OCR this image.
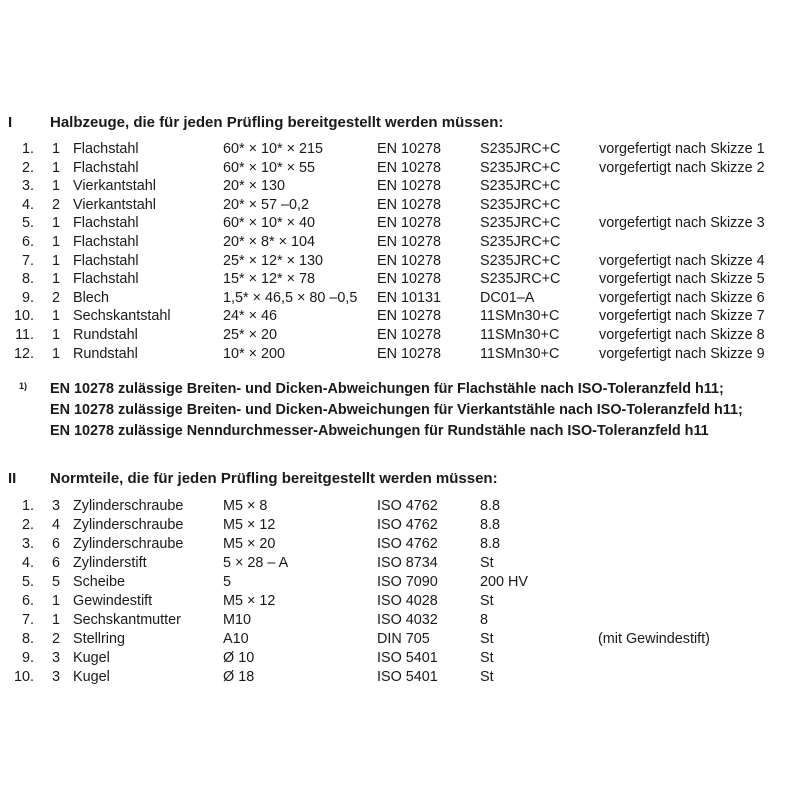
I	Halbzeuge, die für jeden Prüfling bereitgestellt werden müssen:
1. 1 Flachstahl	60* × 10* × 215	EN 10278	S235JRC+C	vorgefertigt nach Skizze 1
2. 1 Flachstahl	60* × 10* × 55	EN 10278	S235JRC+C	vorgefertigt nach Skizze 2
3. 1 Vierkantstahl	20* × 130	EN 10278	S235JRC+C
4. 2 Vierkantstahl	20* × 57 –0,2	EN 10278	S235JRC+C
5. 1 Flachstahl	60* × 10* × 40	EN 10278	S235JRC+C	vorgefertigt nach Skizze 3
6. 1 Flachstahl	20* × 8* × 104	EN 10278	S235JRC+C
7. 1 Flachstahl	25* × 12* × 130	EN 10278	S235JRC+C	vorgefertigt nach Skizze 4
8. 1 Flachstahl	15* × 12* × 78	EN 10278	S235JRC+C	vorgefertigt nach Skizze 5
9. 2 Blech	1,5* × 46,5 × 80 –0,5 EN 10131	DC01–A	vorgefertigt nach Skizze 6
10. 1 Sechskantstahl	24* × 46	EN 10278	11SMn30+C	vorgefertigt nach Skizze 7
11. 1 Rundstahl	25* × 20	EN 10278	11SMn30+C	vorgefertigt nach Skizze 8
12. 1 Rundstahl	10* × 200	EN 10278	11SMn30+C	vorgefertigt nach Skizze 9
1) EN 10278 zulässige Breiten- und Dicken-Abweichungen für Flachstähle nach ISO-Toleranzfeld h11;
EN 10278 zulässige Breiten- und Dicken-Abweichungen für Vierkantstähle nach ISO-Toleranzfeld h11;
EN 10278 zulässige Nenndurchmesser-Abweichungen für Rundstähle nach ISO-Toleranzfeld h11
II Normteile, die für jeden Prüfling bereitgestellt werden müssen:
1. 3 Zylinderschraube	M5 × 8	ISO 4762	8.8
2. 4 Zylinderschraube	M5 × 12	ISO 4762	8.8
3. 6 Zylinderschraube	M5 × 20	ISO 4762	8.8
4. 6 Zylinderstift	5 × 28 – A	ISO 8734	St
5. 5 Scheibe	5	ISO 7090	200 HV
6. 1 Gewindestift	M5 × 12	ISO 4028	St
7. 1 Sechskantmutter	M10	ISO 4032	8
8. 2 Stellring	A10	DIN 705	St	(mit Gewindestift)
9. 3 Kugel	Ø 10	ISO 5401	St
10. 3 Kugel	Ø 18	ISO 5401	St
